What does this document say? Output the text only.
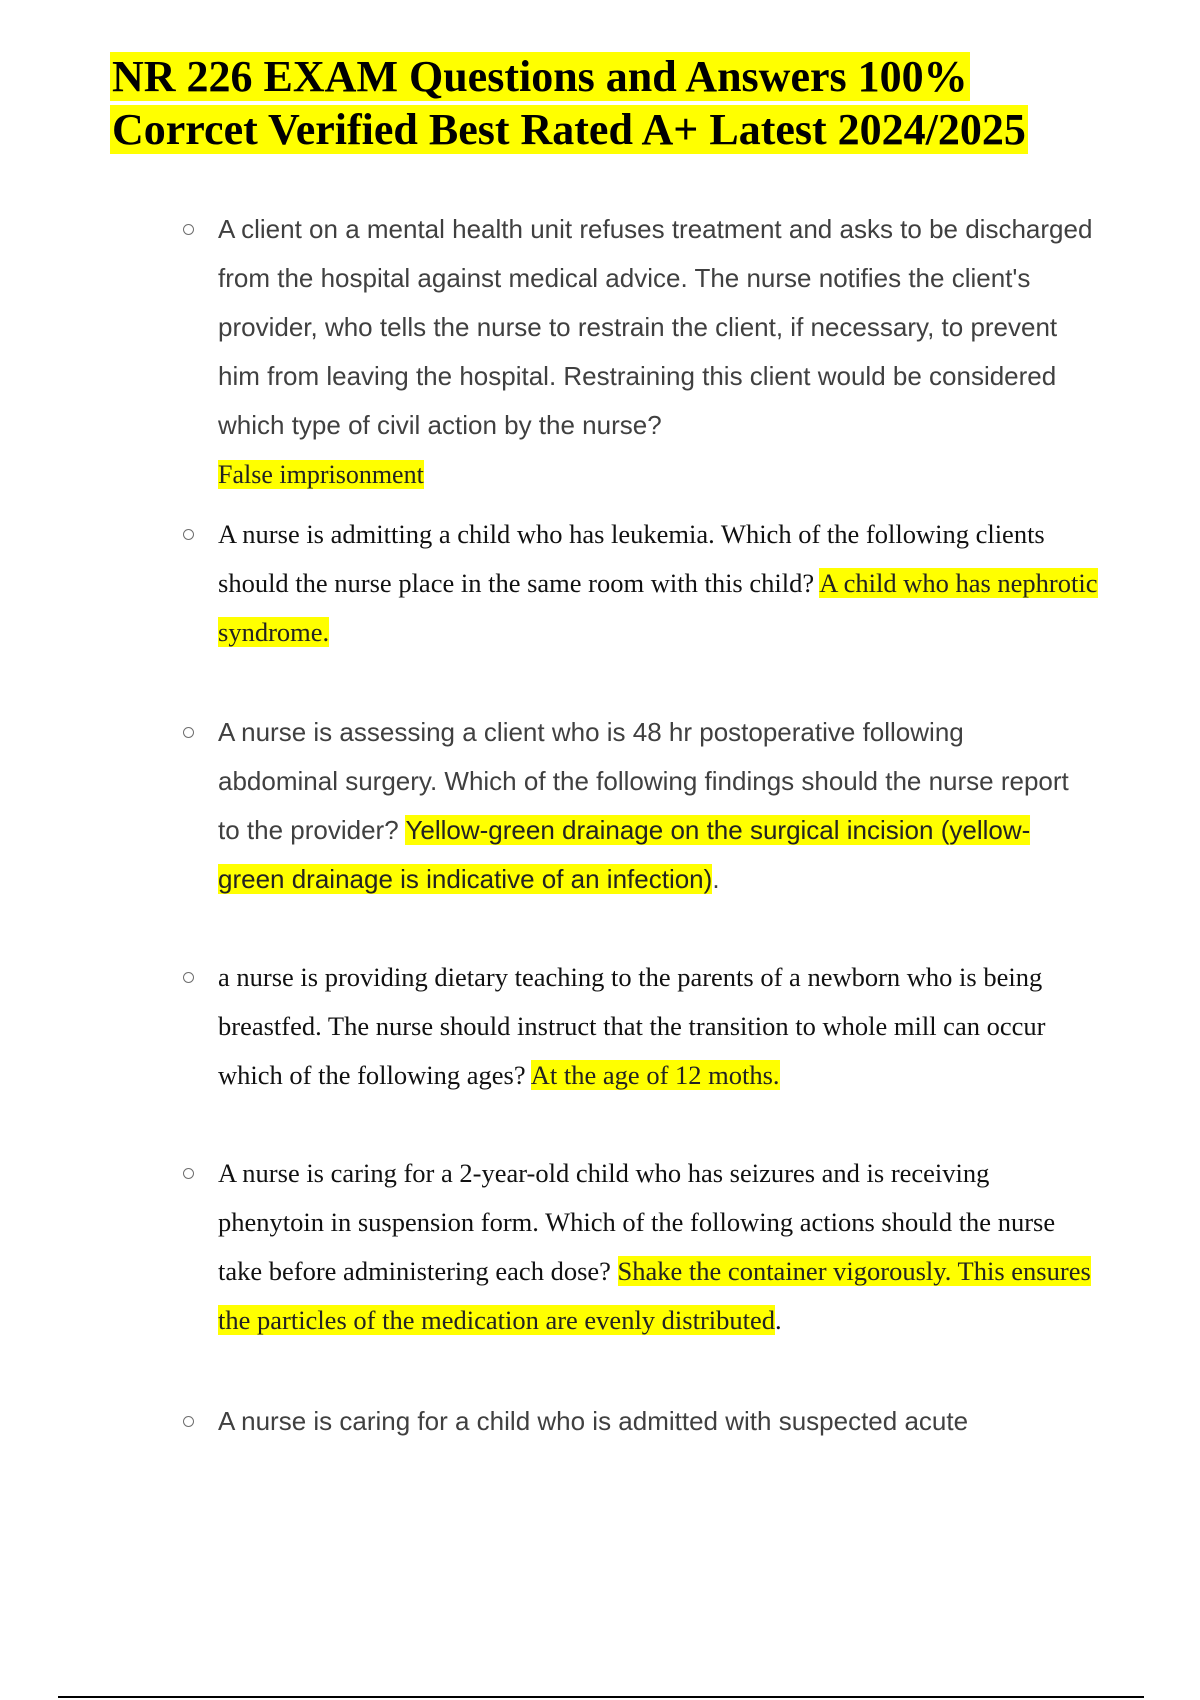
NR 226 EXAM Questions and Answers 100%
Corrcet Verified Best Rated A+ Latest 2024/2025

A client on a mental health unit refuses treatment and asks to be discharged from the hospital against medical advice. The nurse notifies the client's provider, who tells the nurse to restrain the client, if necessary, to prevent him from leaving the hospital. Restraining this client would be considered which type of civil action by the nurse?
False imprisonment

A nurse is admitting a child who has leukemia. Which of the following clients should the nurse place in the same room with this child? A child who has nephrotic syndrome.

A nurse is assessing a client who is 48 hr postoperative following abdominal surgery. Which of the following findings should the nurse report to the provider? Yellow-green drainage on the surgical incision (yellow-green drainage is indicative of an infection).

a nurse is providing dietary teaching to the parents of a newborn who is being breastfed. The nurse should instruct that the transition to whole mill can occur which of the following ages? At the age of 12 moths.

A nurse is caring for a 2-year-old child who has seizures and is receiving phenytoin in suspension form. Which of the following actions should the nurse take before administering each dose? Shake the container vigorously. This ensures the particles of the medication are evenly distributed.

A nurse is caring for a child who is admitted with suspected acute
